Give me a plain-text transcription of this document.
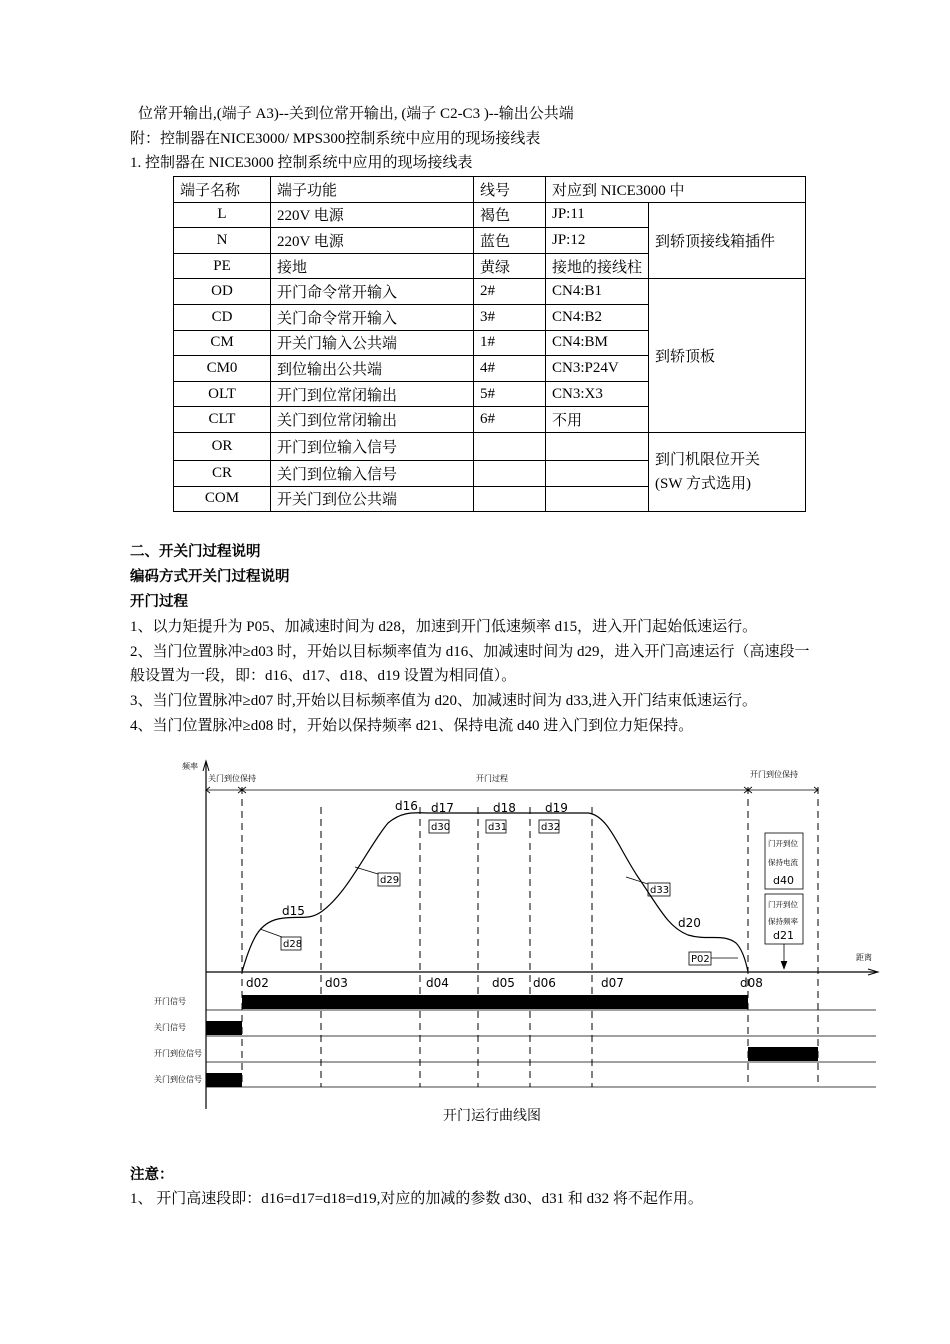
位常开输出,(端子 A3)--关到位常开输出, (端子 C2-C3 )--输出公共端
附：控制器在NICE3000/ MPS300控制系统中应用的现场接线表
1. 控制器在 NICE3000 控制系统中应用的现场接线表
端子名称	端子功能	线号	对应到 NICE3000 中	
L	220V 电源	褐色	JP:11	到轿顶接线箱插件
N	220V 电源	蓝色	JP:12	
PE	接地	黄绿	接地的接线柱	
OD	开门命令常开输入	2#	CN4:B1	到轿顶板
CD	关门命令常开输入	3#	CN4:B2	
CM	开关门输入公共端	1#	CN4:BM	
CM0	到位输出公共端	4#	CN3:P24V	
OLT	开门到位常闭输出	5#	CN3:X3	
CLT	关门到位常闭输出	6#	不用	
OR	开门到位输入信号			到门机限位开关
(SW 方式选用)
CR	关门到位输入信号			
COM	开关门到位公共端			
二、开关门过程说明
编码方式开关门过程说明
开门过程
1、以力矩提升为 P05、加减速时间为 d28，加速到开门低速频率 d15，进入开门起始低速运行。
2、当门位置脉冲≥d03 时，开始以目标频率值为 d16、加减速时间为 d29，进入开门高速运行（高速段一
般设置为一段，即：d16、d17、d18、d19 设置为相同值）。
3、当门位置脉冲≥d07 时,开始以目标频率值为 d20、加减速时间为 d33,进入开门结束低速运行。
4、当门位置脉冲≥d08 时，开始以保持频率 d21、保持电流 d40 进入门到位力矩保持。
频率
距离
关门到位保持	开门过程	开门到位保持
d15
d16 d17	d18 d19
d20
d28
d29
d30	d31	d32
d33
P02
d02	d03	d04	d05 d06	d07	d08
门开到位
保持电流
d40
门开到位
保持频率
d21
开门信号
关门信号
开门到位信号
关门到位信号
开门运行曲线图
注意：
1、 开门高速段即：d16=d17=d18=d19,对应的加减的参数 d30、d31 和 d32 将不起作用。
